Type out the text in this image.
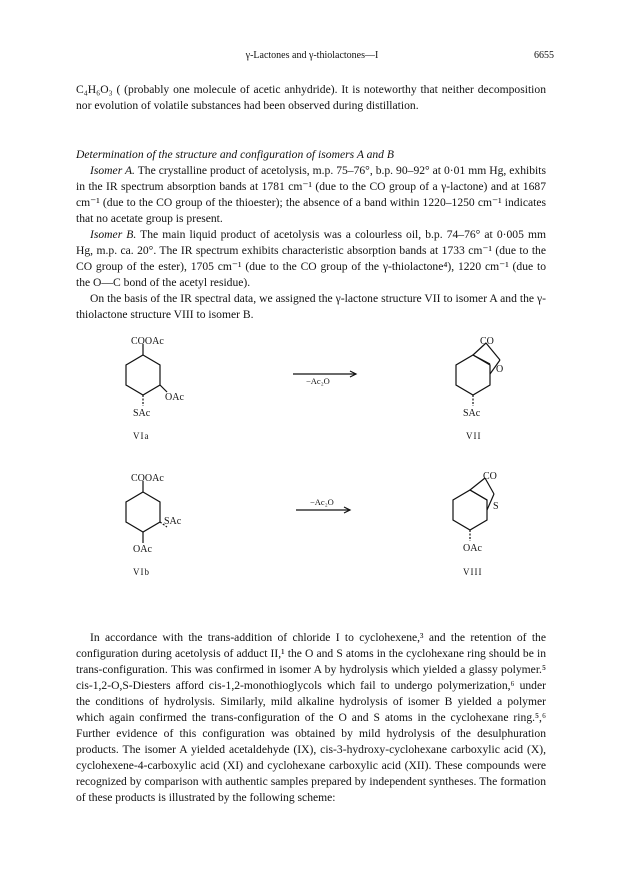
γ-Lactones and γ-thiolactones—I	6655

C₄H₆O₃ ( (probably one molecule of acetic anhydride). It is noteworthy that neither decomposition nor evolution of volatile substances had been observed during distillation.

Determination of the structure and configuration of isomers A and B

Isomer A. The crystalline product of acetolysis, m.p. 75–76°, b.p. 90–92° at 0·01 mm Hg, exhibits in the IR spectrum absorption bands at 1781 cm⁻¹ (due to the CO group of a γ-lactone) and at 1687 cm⁻¹ (due to the CO group of the thioester); the absence of a band within 1220–1250 cm⁻¹ indicates that no acetate group is present.

Isomer B. The main liquid product of acetolysis was a colourless oil, b.p. 74–76° at 0·005 mm Hg, m.p. ca. 20°. The IR spectrum exhibits characteristic absorption bands at 1733 cm⁻¹ (due to the CO group of the ester), 1705 cm⁻¹ (due to the CO group of the γ-thiolactone⁴), 1220 cm⁻¹ (due to the O—C bond of the acetyl residue).

On the basis of the IR spectral data, we assigned the γ-lactone structure VII to isomer A and the γ-thiolactone structure VIII to isomer B.

COOAc
OAc
SAc
VIa
CO
O
SAc
VII
−Ac₂O
COOAc
SAc
OAc
VIb
CO
S
OAc
VIII
−Ac₂O

In accordance with the trans-addition of chloride I to cyclohexene,³ and the retention of the configuration during acetolysis of adduct II,¹ the O and S atoms in the cyclohexane ring should be in trans-configuration. This was confirmed in isomer A by hydrolysis which yielded a glassy polymer.⁵ cis-1,2-O,S-Diesters afford cis-1,2-monothioglycols which fail to undergo polymerization,⁶ under the conditions of hydrolysis. Similarly, mild alkaline hydrolysis of isomer B yielded a polymer which again confirmed the trans-configuration of the O and S atoms in the cyclohexane ring.⁵,⁶ Further evidence of this configuration was obtained by mild hydrolysis of the desulphuration products. The isomer A yielded acetaldehyde (IX), cis-3-hydroxy-cyclohexane carboxylic acid (X), cyclohexene-4-carboxylic acid (XI) and cyclohexane carboxylic acid (XII). These compounds were recognized by comparison with authentic samples prepared by independent syntheses. The formation of these products is illustrated by the following scheme:
